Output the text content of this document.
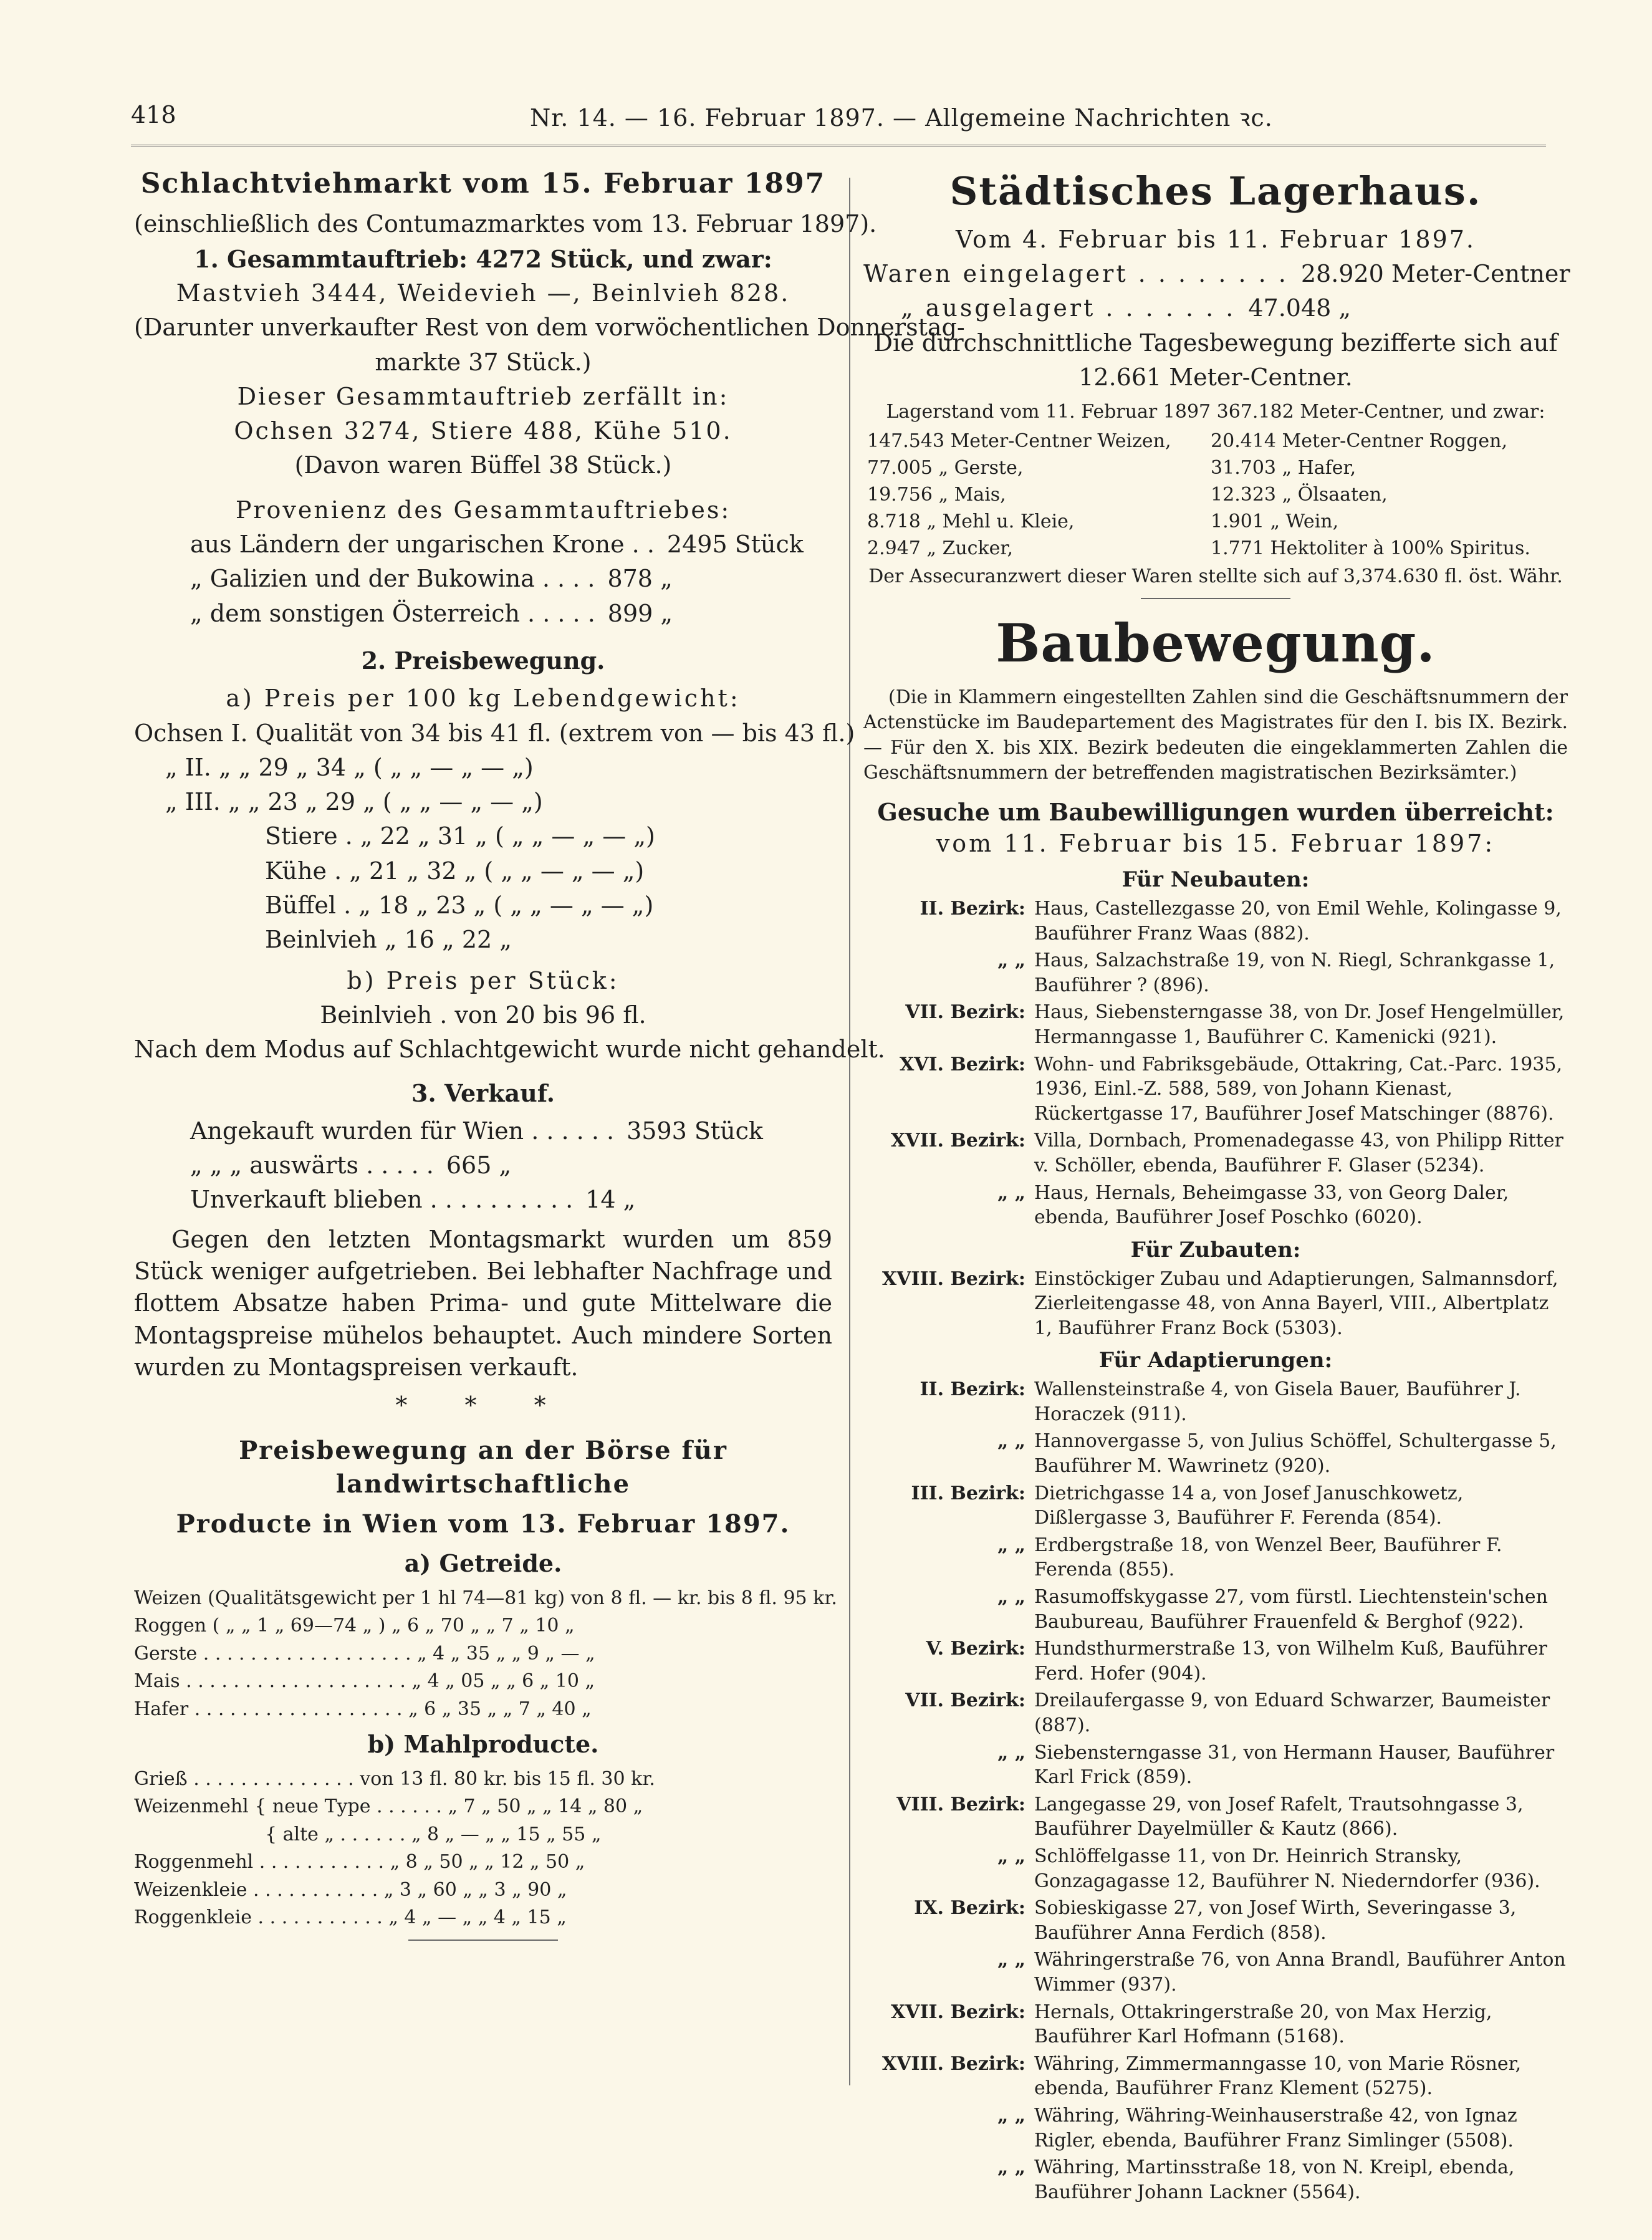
418	Nr. 14. — 16. Februar 1897. — Allgemeine Nachrichten ꝛc.
Schlachtviehmarkt vom 15. Februar 1897
(einschließlich des Contumazmarktes vom 13. Februar 1897).
1. Gesammtauftrieb: 4272 Stück, und zwar:
Mastvieh 3444, Weidevieh —, Beinlvieh 828.
(Darunter unverkaufter Rest von dem vorwöchentlichen Donnerstag-
markte 37 Stück.)
Dieser Gesammtauftrieb zerfällt in:
Ochsen 3274, Stiere 488, Kühe 510.
(Davon waren Büffel 38 Stück.)
Provenienz des Gesammtauftriebes:
aus Ländern der ungarischen Krone . . 2495 Stück
„ Galizien und der Bukowina . . . . 878 „
„ dem sonstigen Österreich . . . . . 899 „
2. Preisbewegung.
a) Preis per 100 kg Lebendgewicht:
Ochsen I. Qualität von 34 bis 41 fl. (extrem von — bis 43 fl.)
„ II. „ „ 29 „ 34 „ ( „ „ — „ — „)
„ III. „ „ 23 „ 29 „ ( „ „ — „ — „)
Stiere . „ 22 „ 31 „ ( „ „ — „ — „)
Kühe . „ 21 „ 32 „ ( „ „ — „ — „)
Büffel . „ 18 „ 23 „ ( „ „ — „ — „)
Beinlvieh „ 16 „ 22 „
b) Preis per Stück:
Beinlvieh . von 20 bis 96 fl.
Nach dem Modus auf Schlachtgewicht wurde nicht gehandelt.
3. Verkauf.
Angekauft wurden für Wien . . . . . . 3593 Stück
„ „ „ auswärts . . . . . 665 „
Unverkauft blieben . . . . . . . . . . 14 „
Gegen den letzten Montagsmarkt wurden um 859 Stück weniger aufgetrieben. Bei lebhafter Nachfrage und flottem Absatze haben Prima- und gute Mittelware die Montagspreise mühelos behauptet. Auch mindere Sorten wurden zu Montagspreisen verkauft.
* * *
Preisbewegung an der Börse für landwirtschaftliche
Producte in Wien vom 13. Februar 1897.
a) Getreide.
Weizen (Qualitätsgewicht per 1 hl 74—81 kg) von 8 fl. — kr. bis 8 fl. 95 kr.
Roggen ( „ „ 1 „ 69—74 „ ) „ 6 „ 70 „ „ 7 „ 10 „
Gerste . . . . . . . . . . . . . . . . . . „ 4 „ 35 „ „ 9 „ — „
Mais . . . . . . . . . . . . . . . . . . . „ 4 „ 05 „ „ 6 „ 10 „
Hafer . . . . . . . . . . . . . . . . . . „ 6 „ 35 „ „ 7 „ 40 „
b) Mahlproducte.
Grieß . . . . . . . . . . . . . . von 13 fl. 80 kr. bis 15 fl. 30 kr.
Weizenmehl { neue Type . . . . . . „ 7 „ 50 „ „ 14 „ 80 „
{ alte „ . . . . . . „ 8 „ — „ „ 15 „ 55 „
Roggenmehl . . . . . . . . . . . „ 8 „ 50 „ „ 12 „ 50 „
Weizenkleie . . . . . . . . . . . „ 3 „ 60 „ „ 3 „ 90 „
Roggenkleie . . . . . . . . . . . „ 4 „ — „ „ 4 „ 15 „
Städtisches Lagerhaus.
Vom 4. Februar bis 11. Februar 1897.
Waren eingelagert . . . . . . . . 28.920 Meter-Centner
„ ausgelagert . . . . . . . 47.048 „
Die durchschnittliche Tagesbewegung bezifferte sich auf
12.661 Meter-Centner.
Lagerstand vom 11. Februar 1897 367.182 Meter-Centner, und zwar:
147.543 Meter-Centner Weizen,	20.414 Meter-Centner Roggen,
77.005 „ Gerste,	31.703 „ Hafer,
19.756 „ Mais,	12.323 „ Ölsaaten,
8.718 „ Mehl u. Kleie,	1.901 „ Wein,
2.947 „ Zucker,	1.771 Hektoliter à 100% Spiritus.
Der Assecuranzwert dieser Waren stellte sich auf 3,374.630 fl. öst. Währ.
Baubewegung.
(Die in Klammern eingestellten Zahlen sind die Geschäftsnummern der Actenstücke im Baudepartement des Magistrates für den I. bis IX. Bezirk. — Für den X. bis XIX. Bezirk bedeuten die eingeklammerten Zahlen die Geschäftsnummern der betreffenden magistratischen Bezirksämter.)
Gesuche um Baubewilligungen wurden überreicht:
vom 11. Februar bis 15. Februar 1897:
Für Neubauten:
II. Bezirk: Haus, Castellezgasse 20, von Emil Wehle, Kolingasse 9, Bauführer Franz Waas (882).
„ „ Haus, Salzachstraße 19, von N. Riegl, Schrankgasse 1, Bauführer ? (896).
VII. Bezirk: Haus, Siebensterngasse 38, von Dr. Josef Hengelmüller, Hermanngasse 1, Bauführer C. Kamenicki (921).
XVI. Bezirk: Wohn- und Fabriksgebäude, Ottakring, Cat.-Parc. 1935, 1936, Einl.-Z. 588, 589, von Johann Kienast, Rückertgasse 17, Bauführer Josef Matschinger (8876).
XVII. Bezirk: Villa, Dornbach, Promenadegasse 43, von Philipp Ritter v. Schöller, ebenda, Bauführer F. Glaser (5234).
„ „ Haus, Hernals, Beheimgasse 33, von Georg Daler, ebenda, Bauführer Josef Poschko (6020).
Für Zubauten:
XVIII. Bezirk: Einstöckiger Zubau und Adaptierungen, Salmannsdorf, Zierleitengasse 48, von Anna Bayerl, VIII., Albertplatz 1, Bauführer Franz Bock (5303).
Für Adaptierungen:
II. Bezirk: Wallensteinstraße 4, von Gisela Bauer, Bauführer J. Horaczek (911).
„ „ Hannovergasse 5, von Julius Schöffel, Schultergasse 5, Bauführer M. Wawrinetz (920).
III. Bezirk: Dietrichgasse 14 a, von Josef Januschkowetz, Dißlergasse 3, Bauführer F. Ferenda (854).
„ „ Erdbergstraße 18, von Wenzel Beer, Bauführer F. Ferenda (855).
„ „ Rasumoffskygasse 27, vom fürstl. Liechtenstein'schen Baubureau, Bauführer Frauenfeld & Berghof (922).
V. Bezirk: Hundsthurmerstraße 13, von Wilhelm Kuß, Bauführer Ferd. Hofer (904).
VII. Bezirk: Dreilaufergasse 9, von Eduard Schwarzer, Baumeister (887).
„ „ Siebensterngasse 31, von Hermann Hauser, Bauführer Karl Frick (859).
VIII. Bezirk: Langegasse 29, von Josef Rafelt, Trautsohngasse 3, Bauführer Dayelmüller & Kautz (866).
„ „ Schlöffelgasse 11, von Dr. Heinrich Stransky, Gonzagagasse 12, Bauführer N. Niederndorfer (936).
IX. Bezirk: Sobieskigasse 27, von Josef Wirth, Severingasse 3, Bauführer Anna Ferdich (858).
„ „ Währingerstraße 76, von Anna Brandl, Bauführer Anton Wimmer (937).
XVII. Bezirk: Hernals, Ottakringerstraße 20, von Max Herzig, Bauführer Karl Hofmann (5168).
XVIII. Bezirk: Währing, Zimmermanngasse 10, von Marie Rösner, ebenda, Bauführer Franz Klement (5275).
„ „ Währing, Währing-Weinhauserstraße 42, von Ignaz Rigler, ebenda, Bauführer Franz Simlinger (5508).
„ „ Währing, Martinsstraße 18, von N. Kreipl, ebenda, Bauführer Johann Lackner (5564).
